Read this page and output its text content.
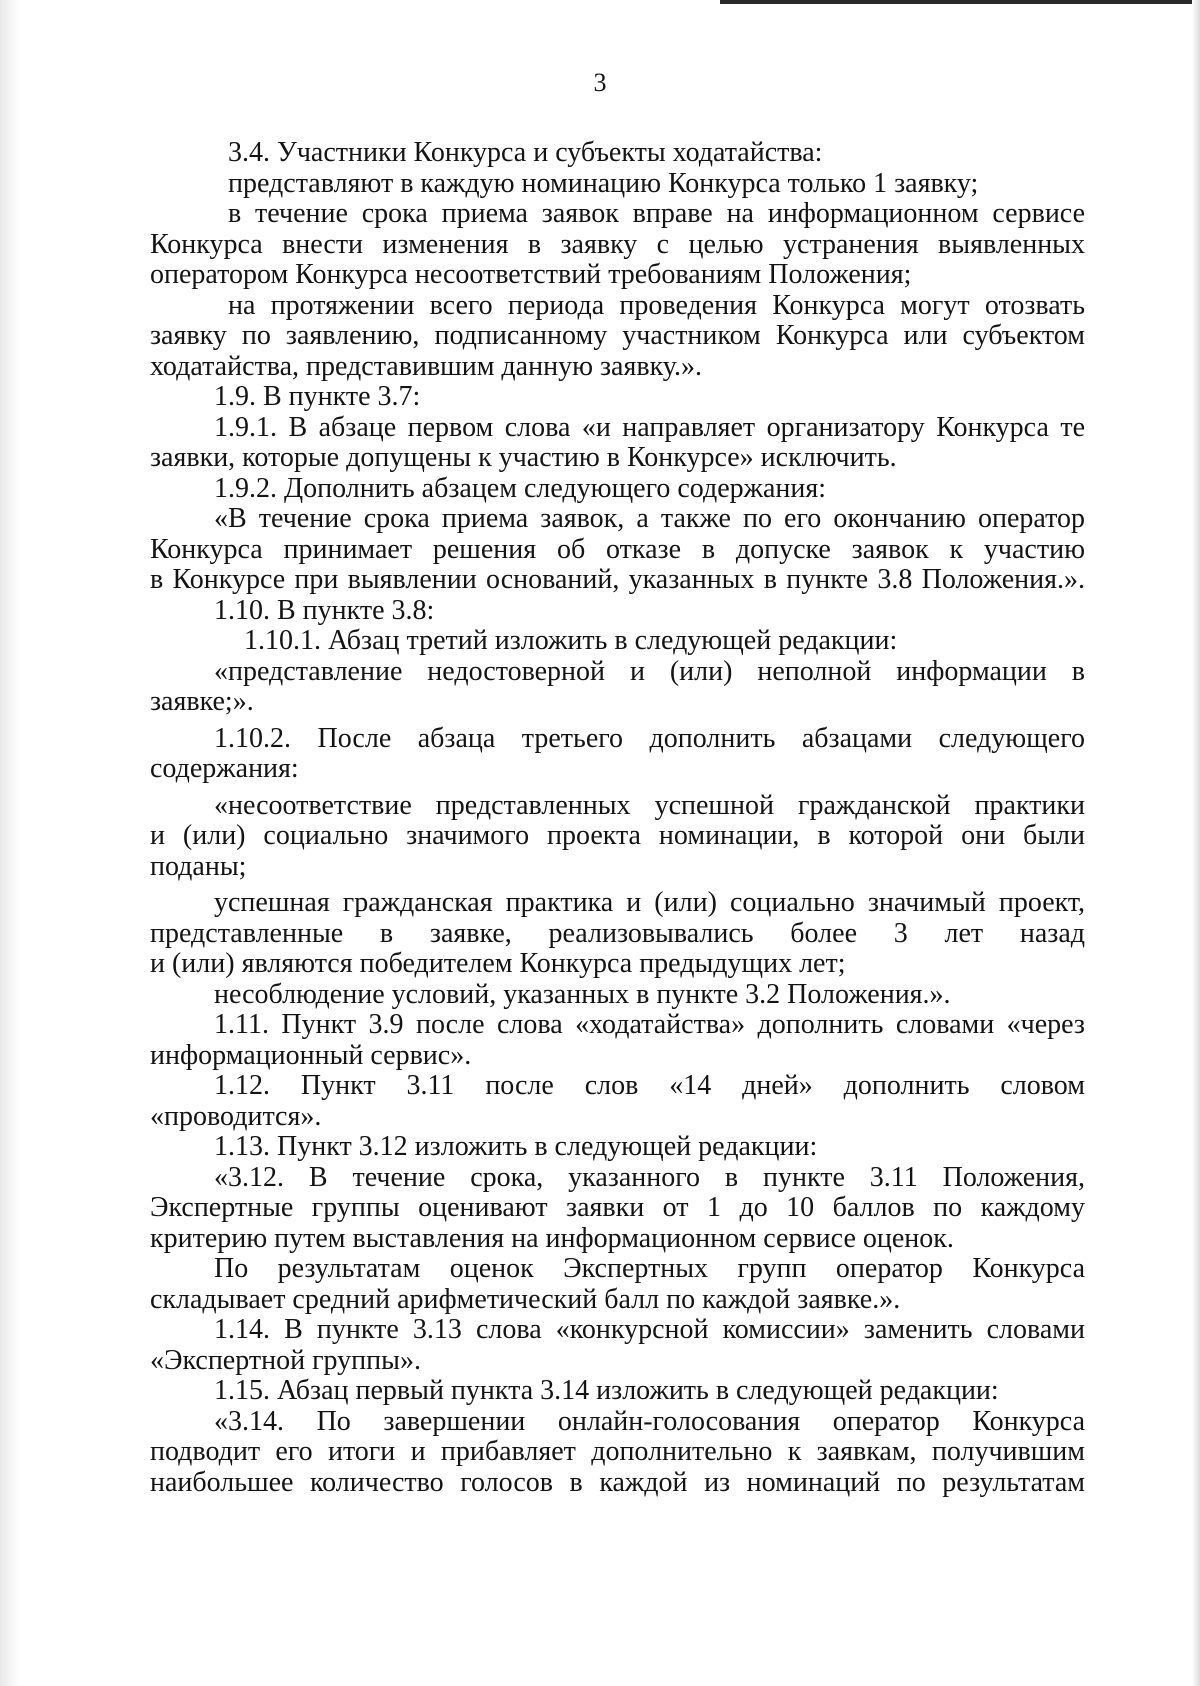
3
3.4. Участники Конкурса и субъекты ходатайства:
представляют в каждую номинацию Конкурса только 1 заявку;
в течение срока приема заявок вправе на информационном сервисе
Конкурса внести изменения в заявку с целью устранения выявленных
оператором Конкурса несоответствий требованиям Положения;
на протяжении всего периода проведения Конкурса могут отозвать
заявку по заявлению, подписанному участником Конкурса или субъектом
ходатайства, представившим данную заявку.».
1.9. В пункте 3.7:
1.9.1. В абзаце первом слова «и направляет организатору Конкурса те
заявки, которые допущены к участию в Конкурсе» исключить.
1.9.2. Дополнить абзацем следующего содержания:
«В течение срока приема заявок, а также по его окончанию оператор
Конкурса принимает решения об отказе в допуске заявок к участию
в Конкурсе при выявлении оснований, указанных в пункте 3.8 Положения.».
1.10. В пункте 3.8:
1.10.1. Абзац третий изложить в следующей редакции:
«представление недостоверной и (или) неполной информации в
заявке;».
1.10.2. После абзаца третьего дополнить абзацами следующего
содержания:
«несоответствие представленных успешной гражданской практики
и (или) социально значимого проекта номинации, в которой они были
поданы;
успешная гражданская практика и (или) социально значимый проект,
представленные в заявке, реализовывались более 3 лет назад
и (или) являются победителем Конкурса предыдущих лет;
несоблюдение условий, указанных в пункте 3.2 Положения.».
1.11. Пункт 3.9 после слова «ходатайства» дополнить словами «через
информационный сервис».
1.12. Пункт 3.11 после слов «14 дней» дополнить словом
«проводится».
1.13. Пункт 3.12 изложить в следующей редакции:
«3.12. В течение срока, указанного в пункте 3.11 Положения,
Экспертные группы оценивают заявки от 1 до 10 баллов по каждому
критерию путем выставления на информационном сервисе оценок.
По результатам оценок Экспертных групп оператор Конкурса
складывает средний арифметический балл по каждой заявке.».
1.14. В пункте 3.13 слова «конкурсной комиссии» заменить словами
«Экспертной группы».
1.15. Абзац первый пункта 3.14 изложить в следующей редакции:
«3.14. По завершении онлайн-голосования оператор Конкурса
подводит его итоги и прибавляет дополнительно к заявкам, получившим
наибольшее количество голосов в каждой из номинаций по результатам
